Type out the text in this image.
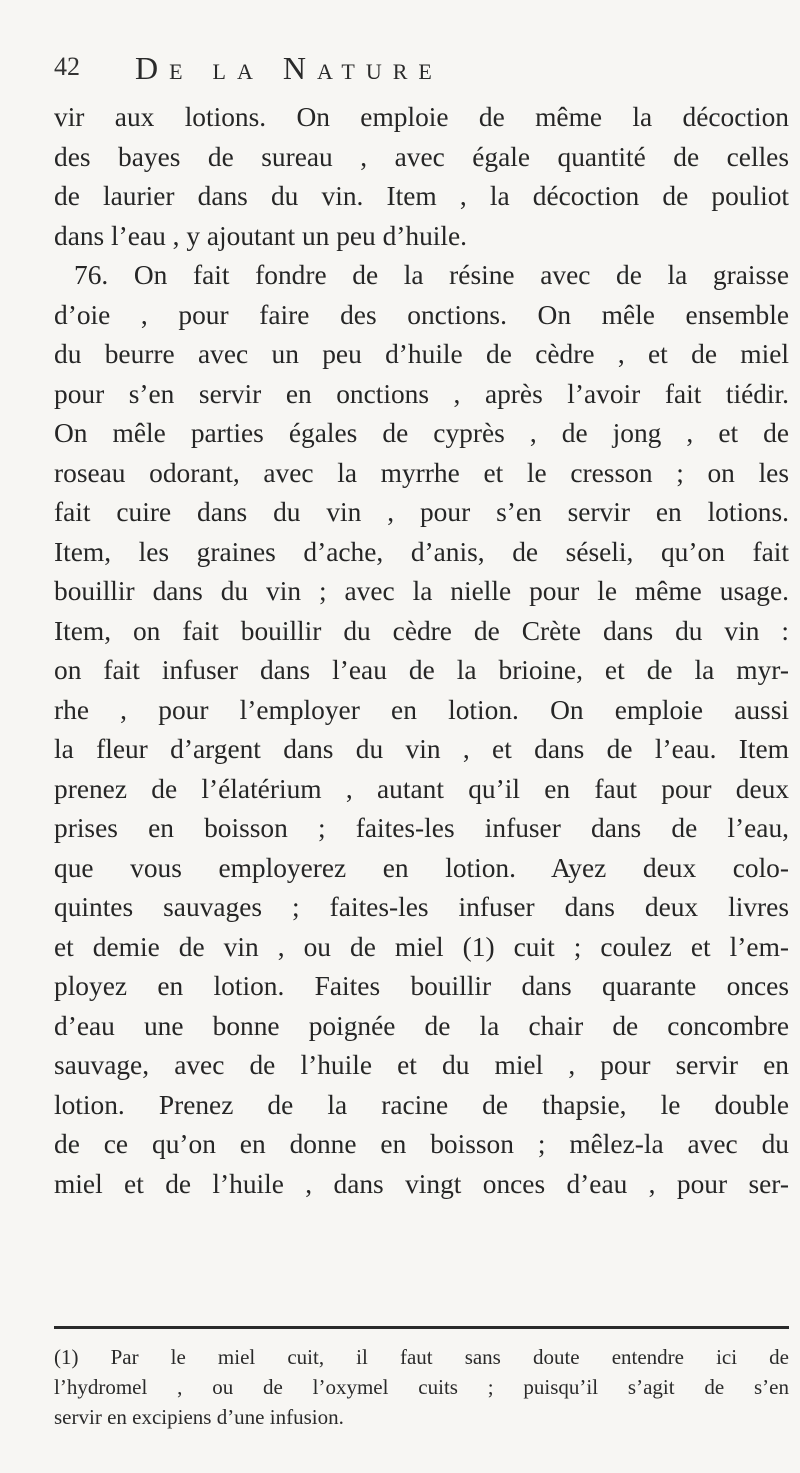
42 De la Nature
vir aux lotions. On emploie de même la décoction
des bayes de sureau , avec égale quantité de celles
de laurier dans du vin. Item , la décoction de pouliot
dans l’eau , y ajoutant un peu d’huile.
76. On fait fondre de la résine avec de la graisse
d’oie , pour faire des onctions. On mêle ensemble
du beurre avec un peu d’huile de cèdre , et de miel
pour s’en servir en onctions , après l’avoir fait tiédir.
On mêle parties égales de cyprès , de jong , et de
roseau odorant, avec la myrrhe et le cresson ; on les
fait cuire dans du vin , pour s’en servir en lotions.
Item, les graines d’ache, d’anis, de séseli, qu’on fait
bouillir dans du vin ; avec la nielle pour le même usage.
Item, on fait bouillir du cèdre de Crète dans du vin :
on fait infuser dans l’eau de la brioine, et de la myr-
rhe , pour l’employer en lotion. On emploie aussi
la fleur d’argent dans du vin , et dans de l’eau. Item
prenez de l’élatérium , autant qu’il en faut pour deux
prises en boisson ; faites-les infuser dans de l’eau,
que vous employerez en lotion. Ayez deux colo-
quintes sauvages ; faites-les infuser dans deux livres
et demie de vin , ou de miel (1) cuit ; coulez et l’em-
ployez en lotion. Faites bouillir dans quarante onces
d’eau une bonne poignée de la chair de concombre
sauvage, avec de l’huile et du miel , pour servir en
lotion. Prenez de la racine de thapsie, le double
de ce qu’on en donne en boisson ; mêlez-la avec du
miel et de l’huile , dans vingt onces d’eau , pour ser-
(1) Par le miel cuit, il faut sans doute entendre ici de
l’hydromel , ou de l’oxymel cuits ; puisqu’il s’agit de s’en
servir en excipiens d’une infusion.
